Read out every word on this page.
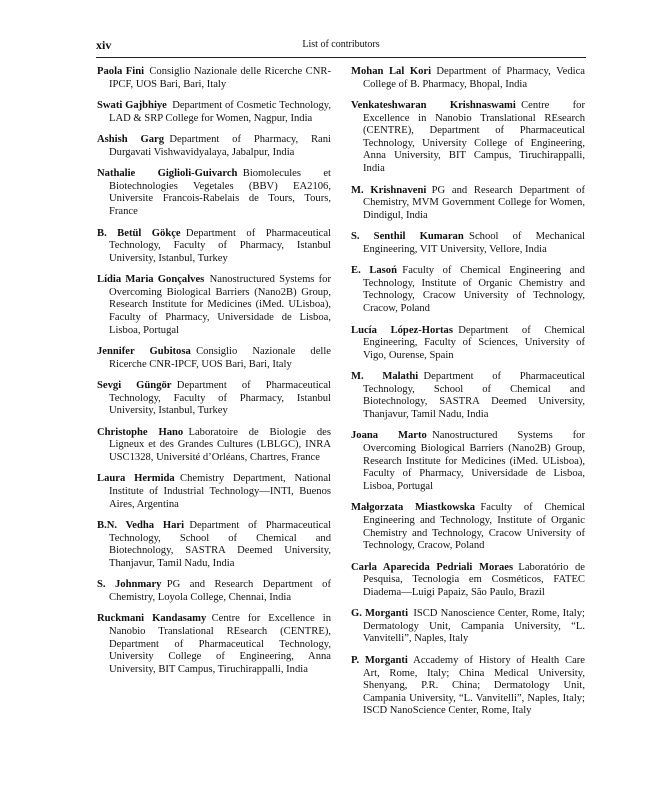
xiv	List of contributors
Paola Fini  Consiglio Nazionale delle Ricerche CNR-IPCF, UOS Bari, Bari, Italy
Swati Gajbhiye  Department of Cosmetic Technology, LAD & SRP College for Women, Nagpur, India
Ashish Garg  Department of Pharmacy, Rani Durgavati Vishwavidyalaya, Jabalpur, India
Nathalie Giglioli-Guivarch  Biomolecules et Biotechnologies Vegetales (BBV) EA2106, Universite Francois-Rabelais de Tours, Tours, France
B. Betül Gökçe  Department of Pharmaceutical Technology, Faculty of Pharmacy, Istanbul University, Istanbul, Turkey
Lídia Maria Gonçalves  Nanostructured Systems for Overcoming Biological Barriers (Nano2B) Group, Research Institute for Medicines (iMed. ULisboa), Faculty of Pharmacy, Universidade de Lisboa, Lisboa, Portugal
Jennifer Gubitosa  Consiglio Nazionale delle Ricerche CNR-IPCF, UOS Bari, Bari, Italy
Sevgi Güngör  Department of Pharmaceutical Technology, Faculty of Pharmacy, Istanbul University, Istanbul, Turkey
Christophe Hano  Laboratoire de Biologie des Ligneux et des Grandes Cultures (LBLGC), INRA USC1328, Université d’Orléans, Chartres, France
Laura Hermida  Chemistry Department, National Institute of Industrial Technology—INTI, Buenos Aires, Argentina
B.N. Vedha Hari  Department of Pharmaceutical Technology, School of Chemical and Biotechnology, SASTRA Deemed University, Thanjavur, Tamil Nadu, India
S. Johnmary  PG and Research Department of Chemistry, Loyola College, Chennai, India
Ruckmani Kandasamy  Centre for Excellence in Nanobio Translational REsearch (CENTRE), Department of Pharmaceutical Technology, University College of Engineering, Anna University, BIT Campus, Tiruchirappalli, India
Mohan Lal Kori  Department of Pharmacy, Vedica College of B. Pharmacy, Bhopal, India
Venkateshwaran Krishnaswami  Centre for Excellence in Nanobio Translational REsearch (CENTRE), Department of Pharmaceutical Technology, University College of Engineering, Anna University, BIT Campus, Tiruchirappalli, India
M. Krishnaveni  PG and Research Department of Chemistry, MVM Government College for Women, Dindigul, India
S. Senthil Kumaran  School of Mechanical Engineering, VIT University, Vellore, India
E. Lasoń  Faculty of Chemical Engineering and Technology, Institute of Organic Chemistry and Technology, Cracow University of Technology, Cracow, Poland
Lucía López-Hortas  Department of Chemical Engineering, Faculty of Sciences, University of Vigo, Ourense, Spain
M. Malathi  Department of Pharmaceutical Technology, School of Chemical and Biotechnology, SASTRA Deemed University, Thanjavur, Tamil Nadu, India
Joana Marto  Nanostructured Systems for Overcoming Biological Barriers (Nano2B) Group, Research Institute for Medicines (iMed. ULisboa), Faculty of Pharmacy, Universidade de Lisboa, Lisboa, Portugal
Małgorzata Miastkowska  Faculty of Chemical Engineering and Technology, Institute of Organic Chemistry and Technology, Cracow University of Technology, Cracow, Poland
Carla Aparecida Pedriali Moraes  Laboratório de Pesquisa, Tecnologia em Cosméticos, FATEC Diadema—Luigi Papaiz, São Paulo, Brazil
G. Morganti  ISCD Nanoscience Center, Rome, Italy; Dermatology Unit, Campania University, “L. Vanvitelli”, Naples, Italy
P. Morganti  Accademy of History of Health Care Art, Rome, Italy; China Medical University, Shenyang, P.R. China; Dermatology Unit, Campania University, “L. Vanvitelli”, Naples, Italy; ISCD NanoScience Center, Rome, Italy
